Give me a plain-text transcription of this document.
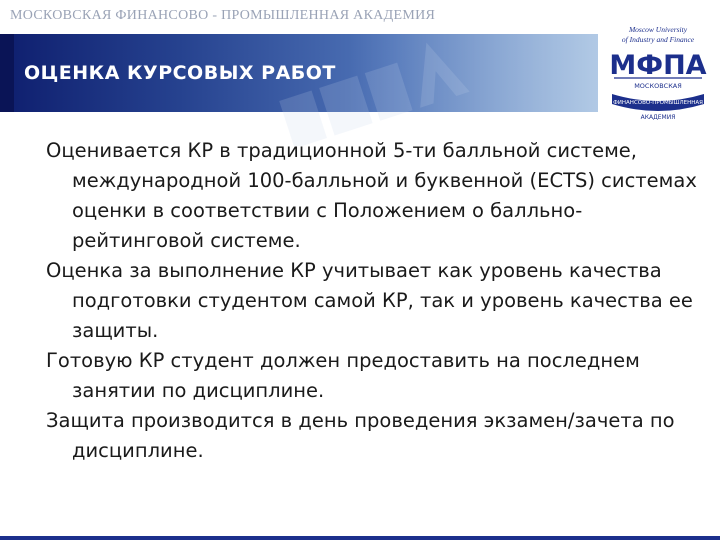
МОСКОВСКАЯ ФИНАНСОВО - ПРОМЫШЛЕННАЯ АКАДЕМИЯ
ОЦЕНКА КУРСОВЫХ РАБОТ
Moscow University
of Industry and Finance
МФПА
МОСКОВСКАЯ
ФИНАНСОВО-ПРОМЫШЛЕННАЯ
АКАДЕМИЯ

Оценивается КР в традиционной 5-ти балльной системе, международной 100-балльной и буквенной (ECTS) системах оценки в соответствии с Положением о балльно-рейтинговой системе.

Оценка за выполнение КР учитывает как уровень качества подготовки студентом самой КР, так и уровень качества ее защиты.

Готовую КР студент должен предоставить на последнем занятии по дисциплине.

Защита производится в день проведения экзамен/зачета по дисциплине.
